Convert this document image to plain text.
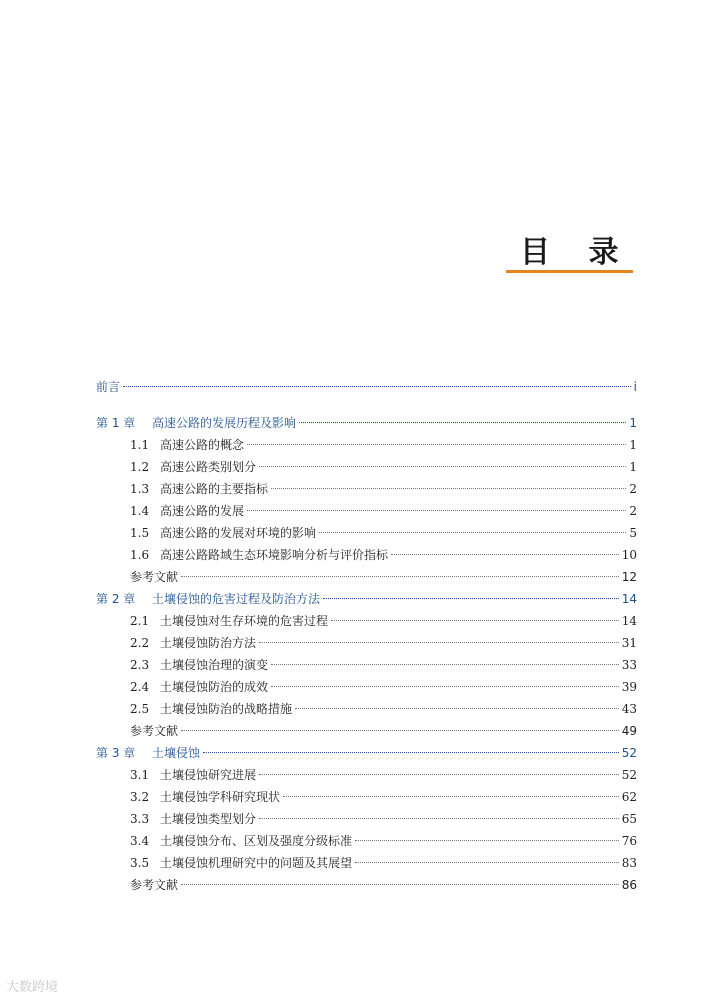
目 录
前言	i
第 1 章	高速公路的发展历程及影响	1
1.1 高速公路的概念	1
1.2 高速公路类别划分	1
1.3 高速公路的主要指标	2
1.4 高速公路的发展	2
1.5 高速公路的发展对环境的影响	5
1.6 高速公路路域生态环境影响分析与评价指标	10
参考文献	12
第 2 章	土壤侵蚀的危害过程及防治方法	14
2.1 土壤侵蚀对生存环境的危害过程	14
2.2 土壤侵蚀防治方法	31
2.3 土壤侵蚀治理的演变	33
2.4 土壤侵蚀防治的成效	39
2.5 土壤侵蚀防治的战略措施	43
参考文献	49
第 3 章	土壤侵蚀	52
3.1 土壤侵蚀研究进展	52
3.2 土壤侵蚀学科研究现状	62
3.3 土壤侵蚀类型划分	65
3.4 土壤侵蚀分布、区划及强度分级标准	76
3.5 土壤侵蚀机理研究中的问题及其展望	83
参考文献	86
大数跨境
